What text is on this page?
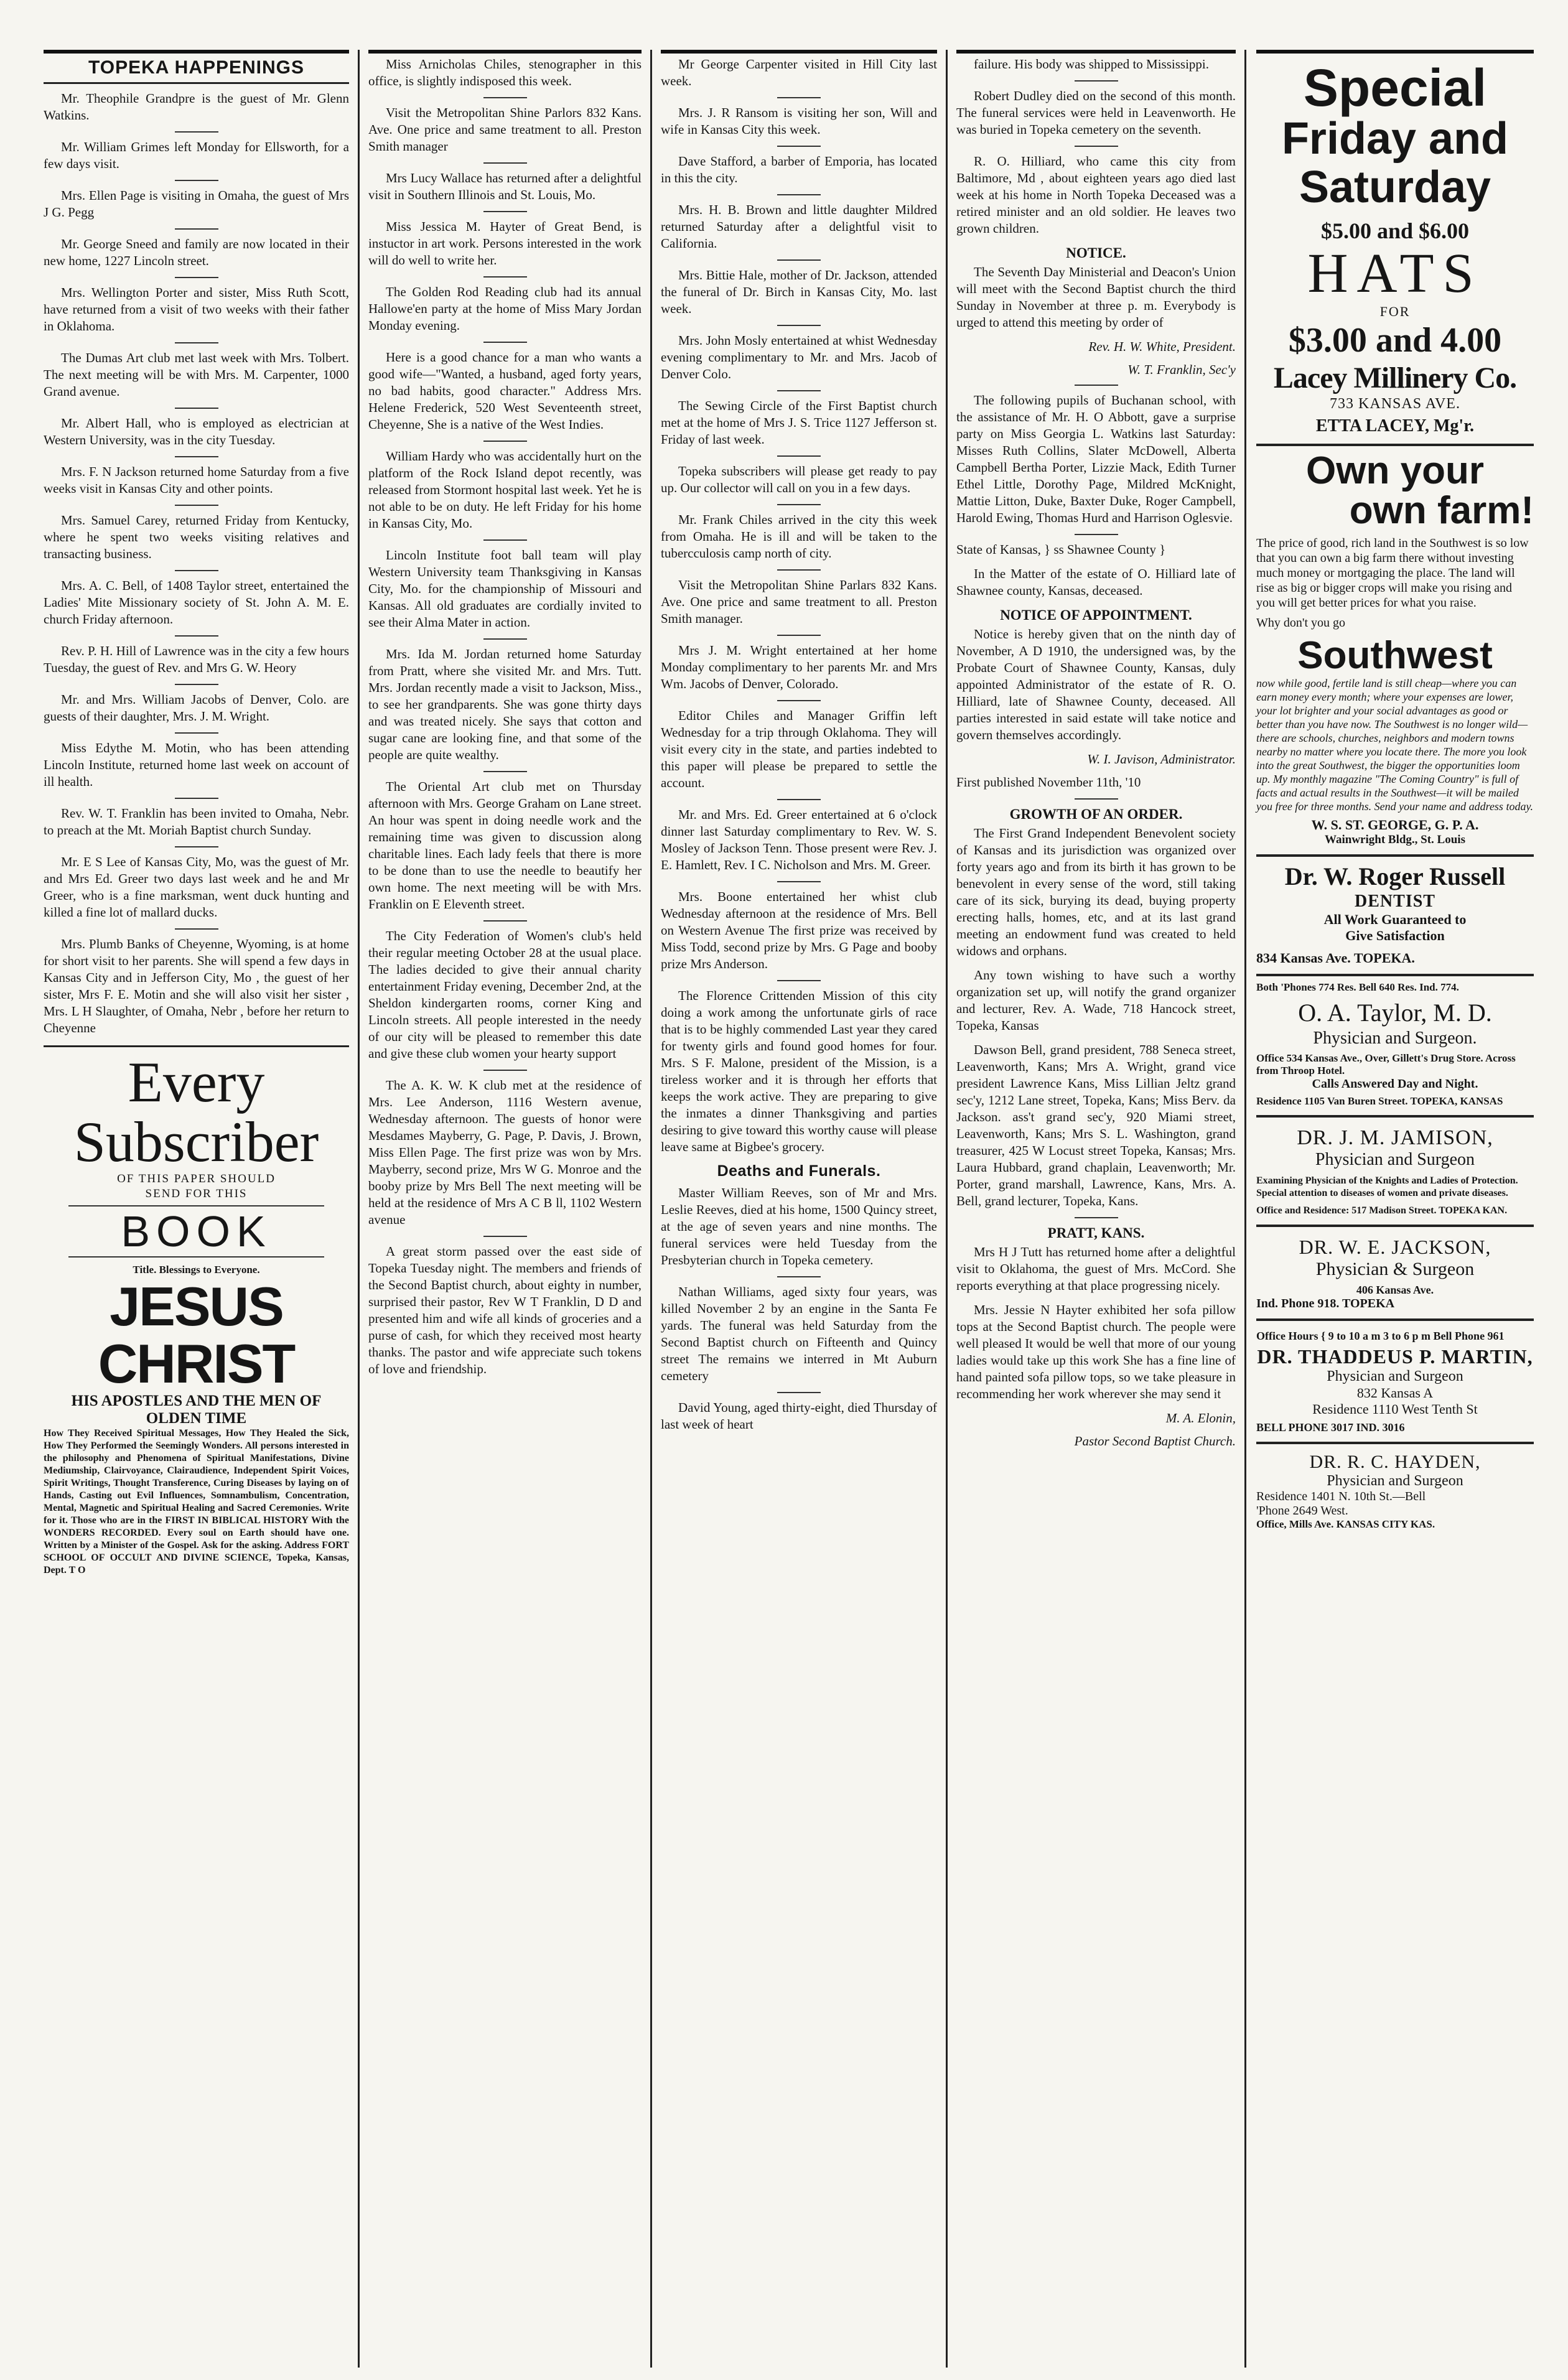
TOPEKA HAPPENINGS

Mr. Theophile Grandpre is the guest of Mr. Glenn Watkins.

Mr. William Grimes left Monday for Ellsworth, for a few days visit.

Mrs. Ellen Page is visiting in Omaha, the guest of Mrs J G. Pegg

Mr. George Sneed and family are now located in their new home, 1227 Lincoln street.

Mrs. Wellington Porter and sister, Miss Ruth Scott, have returned from a visit of two weeks with their father in Oklahoma.

The Dumas Art club met last week with Mrs. Tolbert. The next meeting will be with Mrs. M. Carpenter, 1000 Grand avenue.

Mr. Albert Hall, who is employed as electrician at Western University, was in the city Tuesday.

Mrs. F. N Jackson returned home Saturday from a five weeks visit in Kansas City and other points.

Mrs. Samuel Carey, returned Friday from Kentucky, where he spent two weeks visiting relatives and transacting business.

Mrs. A. C. Bell, of 1408 Taylor street, entertained the Ladies' Mite Missionary society of St. John A. M. E. church Friday afternoon.

Rev. P. H. Hill of Lawrence was in the city a few hours Tuesday, the guest of Rev. and Mrs G. W. Heory

Mr. and Mrs. William Jacobs of Denver, Colo. are guests of their daughter, Mrs. J. M. Wright.

Miss Edythe M. Motin, who has been attending Lincoln Institute, returned home last week on account of ill health.

Rev. W. T. Franklin has been invited to Omaha, Nebr. to preach at the Mt. Moriah Baptist church Sunday.

Mr. E S Lee of Kansas City, Mo, was the guest of Mr. and Mrs Ed. Greer two days last week and he and Mr Greer, who is a fine marksman, went duck hunting and killed a fine lot of mallard ducks.

Mrs. Plumb Banks of Cheyenne, Wyoming, is at home for short visit to her parents. She will spend a few days in Kansas City and in Jefferson City, Mo , the guest of her sister, Mrs F. E. Motin and she will also visit her sister , Mrs. L H Slaughter, of Omaha, Nebr , before her return to Cheyenne

Every
Subscriber
OF THIS PAPER SHOULD
SEND FOR THIS
BOOK
Title. Blessings to Everyone.
JESUS CHRIST
HIS APOSTLES AND THE MEN OF
OLDEN TIME
How They Received Spiritual Messages, How They Healed the Sick, How They Performed the Seemingly Wonders. All persons interested in the philosophy and Phenomena of Spiritual Manifestations, Divine Mediumship, Clairvoyance, Clairaudience, Independent Spirit Voices, Spirit Writings, Thought Transference, Curing Diseases by laying on of Hands, Casting out Evil Influences, Somnambulism, Concentration, Mental, Magnetic and Spiritual Healing and Sacred Ceremonies. Write for it. Those who are in the FIRST IN BIBLICAL HISTORY With the WONDERS RECORDED. Every soul on Earth should have one. Written by a Minister of the Gospel. Ask for the asking. Address FORT SCHOOL OF OCCULT AND DIVINE SCIENCE, Topeka, Kansas, Dept. T O

Miss Arnicholas Chiles, stenographer in this office, is slightly indisposed this week.

Visit the Metropolitan Shine Parlors 832 Kans. Ave. One price and same treatment to all. Preston Smith manager

Mrs Lucy Wallace has returned after a delightful visit in Southern Illinois and St. Louis, Mo.

Miss Jessica M. Hayter of Great Bend, is instuctor in art work. Persons interested in the work will do well to write her.

The Golden Rod Reading club had its annual Hallowe'en party at the home of Miss Mary Jordan Monday evening.

Here is a good chance for a man who wants a good wife—"Wanted, a husband, aged forty years, no bad habits, good character." Address Mrs. Helene Frederick, 520 West Seventeenth street, Cheyenne, She is a native of the West Indies.

William Hardy who was accidentally hurt on the platform of the Rock Island depot recently, was released from Stormont hospital last week. Yet he is not able to be on duty. He left Friday for his home in Kansas City, Mo.

Lincoln Institute foot ball team will play Western University team Thanksgiving in Kansas City, Mo. for the championship of Missouri and Kansas. All old graduates are cordially invited to see their Alma Mater in action.

Mrs. Ida M. Jordan returned home Saturday from Pratt, where she visited Mr. and Mrs. Tutt. Mrs. Jordan recently made a visit to Jackson, Miss., to see her grandparents. She was gone thirty days and was treated nicely. She says that cotton and sugar cane are looking fine, and that some of the people are quite wealthy.

The Oriental Art club met on Thursday afternoon with Mrs. George Graham on Lane street. An hour was spent in doing needle work and the remaining time was given to discussion along charitable lines. Each lady feels that there is more to be done than to use the needle to beautify her own home. The next meeting will be with Mrs. Franklin on E Eleventh street.

The City Federation of Women's club's held their regular meeting October 28 at the usual place. The ladies decided to give their annual charity entertainment Friday evening, December 2nd, at the Sheldon kindergarten rooms, corner King and Lincoln streets. All people interested in the needy of our city will be pleased to remember this date and give these club women your hearty support

The A. K. W. K club met at the residence of Mrs. Lee Anderson, 1116 Western avenue, Wednesday afternoon. The guests of honor were Mesdames Mayberry, G. Page, P. Davis, J. Brown, Miss Ellen Page. The first prize was won by Mrs. Mayberry, second prize, Mrs W G. Monroe and the booby prize by Mrs Bell The next meeting will be held at the residence of Mrs A C B ll, 1102 Western avenue

A great storm passed over the east side of Topeka Tuesday night. The members and friends of the Second Baptist church, about eighty in number, surprised their pastor, Rev W T Franklin, D D and presented him and wife all kinds of groceries and a purse of cash, for which they received most hearty thanks. The pastor and wife appreciate such tokens of love and friendship.

Mr George Carpenter visited in Hill City last week.

Mrs. J. R Ransom is visiting her son, Will and wife in Kansas City this week.

Dave Stafford, a barber of Emporia, has located in this the city.

Mrs. H. B. Brown and little daughter Mildred returned Saturday after a delightful visit to California.

Mrs. Bittie Hale, mother of Dr. Jackson, attended the funeral of Dr. Birch in Kansas City, Mo. last week.

Mrs. John Mosly entertained at whist Wednesday evening complimentary to Mr. and Mrs. Jacob of Denver Colo.

The Sewing Circle of the First Baptist church met at the home of Mrs J. S. Trice 1127 Jefferson st. Friday of last week.

Topeka subscribers will please get ready to pay up. Our collector will call on you in a few days.

Mr. Frank Chiles arrived in the city this week from Omaha. He is ill and will be taken to the tubercculosis camp north of city.

Visit the Metropolitan Shine Parlars 832 Kans. Ave. One price and same treatment to all. Preston Smith manager.

Mrs J. M. Wright entertained at her home Monday complimentary to her parents Mr. and Mrs Wm. Jacobs of Denver, Colorado.

Editor Chiles and Manager Griffin left Wednesday for a trip through Oklahoma. They will visit every city in the state, and parties indebted to this paper will please be prepared to settle the account.

Mr. and Mrs. Ed. Greer entertained at 6 o'clock dinner last Saturday complimentary to Rev. W. S. Mosley of Jackson Tenn. Those present were Rev. J. E. Hamlett, Rev. I C. Nicholson and Mrs. M. Greer.

Mrs. Boone entertained her whist club Wednesday afternoon at the residence of Mrs. Bell on Western Avenue The first prize was received by Miss Todd, second prize by Mrs. G Page and booby prize Mrs Anderson.

The Florence Crittenden Mission of this city doing a work among the unfortunate girls of race that is to be highly commended Last year they cared for twenty girls and found good homes for four. Mrs. S F. Malone, president of the Mission, is a tireless worker and it is through her efforts that keeps the work active. They are preparing to give the inmates a dinner Thanksgiving and parties desiring to give toward this worthy cause will please leave same at Bigbee's grocery.

Deaths and Funerals.

Master William Reeves, son of Mr and Mrs. Leslie Reeves, died at his home, 1500 Quincy street, at the age of seven years and nine months. The funeral services were held Tuesday from the Presbyterian church in Topeka cemetery.

Nathan Williams, aged sixty four years, was killed November 2 by an engine in the Santa Fe yards. The funeral was held Saturday from the Second Baptist church on Fifteenth and Quincy street The remains we interred in Mt Auburn cemetery

David Young, aged thirty-eight, died Thursday of last week of heart

failure. His body was shipped to Mississippi.

Robert Dudley died on the second of this month. The funeral services were held in Leavenworth. He was buried in Topeka cemetery on the seventh.

R. O. Hilliard, who came this city from Baltimore, Md , about eighteen years ago died last week at his home in North Topeka Deceased was a retired minister and an old soldier. He leaves two grown children.

NOTICE.

The Seventh Day Ministerial and Deacon's Union will meet with the Second Baptist church the third Sunday in November at three p. m. Everybody is urged to attend this meeting by order of

Rev. H. W. White, President.
W. T. Franklin, Sec'y

The following pupils of Buchanan school, with the assistance of Mr. H. O Abbott, gave a surprise party on Miss Georgia L. Watkins last Saturday: Misses Ruth Collins, Slater McDowell, Alberta Campbell Bertha Porter, Lizzie Mack, Edith Turner Ethel Little, Dorothy Page, Mildred McKnight, Mattie Litton, Duke, Baxter Duke, Roger Campbell, Harold Ewing, Thomas Hurd and Harrison Oglesvie.

State of Kansas, } ss Shawnee County }

In the Matter of the estate of O. Hilliard late of Shawnee county, Kansas, deceased.

NOTICE OF APPOINTMENT.

Notice is hereby given that on the ninth day of November, A D 1910, the undersigned was, by the Probate Court of Shawnee County, Kansas, duly appointed Administrator of the estate of R. O. Hilliard, late of Shawnee County, deceased. All parties interested in said estate will take notice and govern themselves accordingly.

W. I. Javison, Administrator.
First published November 11th, '10
GROWTH OF AN ORDER.

The First Grand Independent Benevolent society of Kansas and its jurisdiction was organized over forty years ago and from its birth it has grown to be benevolent in every sense of the word, still taking care of its sick, burying its dead, buying property erecting halls, homes, etc, and at its last grand meeting an endowment fund was created to held widows and orphans.

Any town wishing to have such a worthy organization set up, will notify the grand organizer and lecturer, Rev. A. Wade, 718 Hancock street, Topeka, Kansas

Dawson Bell, grand president, 788 Seneca street, Leavenworth, Kans; Mrs A. Wright, grand vice president Lawrence Kans, Miss Lillian Jeltz grand sec'y, 1212 Lane street, Topeka, Kans; Miss Berv. da Jackson. ass't grand sec'y, 920 Miami street, Leavenworth, Kans; Mrs S. L. Washington, grand treasurer, 425 W Locust street Topeka, Kansas; Mrs. Laura Hubbard, grand chaplain, Leavenworth; Mr. Porter, grand marshall, Lawrence, Kans, Mrs. A. Bell, grand lecturer, Topeka, Kans.

PRATT, KANS.

Mrs H J Tutt has returned home after a delightful visit to Oklahoma, the guest of Mrs. McCord. She reports everything at that place progressing nicely.

Mrs. Jessie N Hayter exhibited her sofa pillow tops at the Second Baptist church. The people were well pleased It would be well that more of our young ladies would take up this work She has a fine line of hand painted sofa pillow tops, so we take pleasure in recommending her work wherever she may send it

M. A. Elonin,
Pastor Second Baptist Church.
Special
Friday and
Saturday
$5.00 and $6.00
HATS
FOR
$3.00 and 4.00
Lacey Millinery Co.
733 KANSAS AVE.
ETTA LACEY, Mg'r.
Own your
own farm!
The price of good, rich land in the Southwest is so low that you can own a big farm there without investing much money or mortgaging the place. The land will rise as big or bigger crops will make you rising and you will get better prices for what you raise.
Why don't you go
Southwest
now while good, fertile land is still cheap—where you can earn money every month; where your expenses are lower, your lot brighter and your social advantages as good or better than you have now. The Southwest is no longer wild—there are schools, churches, neighbors and modern towns nearby no matter where you locate there. The more you look into the great Southwest, the bigger the opportunities loom up. My monthly magazine "The Coming Country" is full of facts and actual results in the Southwest—it will be mailed you free for three months. Send your name and address today.
W. S. ST. GEORGE, G. P. A.
Wainwright Bldg., St. Louis
Dr. W. Roger Russell
DENTIST
All Work Guaranteed to
Give Satisfaction
834 Kansas Ave. TOPEKA.
Both 'Phones 774 Res. Bell 640 Res. Ind. 774.
O. A. Taylor, M. D.
Physician and Surgeon.
Office 534 Kansas Ave., Over, Gillett's Drug Store. Across from Throop Hotel.
Calls Answered Day and Night.
Residence 1105 Van Buren Street. TOPEKA, KANSAS
DR. J. M. JAMISON,
Physician and Surgeon
Examining Physician of the Knights and Ladies of Protection. Special attention to diseases of women and private diseases.
Office and Residence: 517 Madison Street. TOPEKA KAN.
DR. W. E. JACKSON,
Physician & Surgeon
406 Kansas Ave.
Ind. Phone 918. TOPEKA
Office Hours { 9 to 10 a m 3 to 6 p m Bell Phone 961
DR. THADDEUS P. MARTIN,
Physician and Surgeon
832 Kansas A
Residence 1110 West Tenth St
BELL PHONE 3017 IND. 3016
DR. R. C. HAYDEN,
Physician and Surgeon
Residence 1401 N. 10th St.—Bell
'Phone 2649 West.
Office, Mills Ave. KANSAS CITY KAS.
